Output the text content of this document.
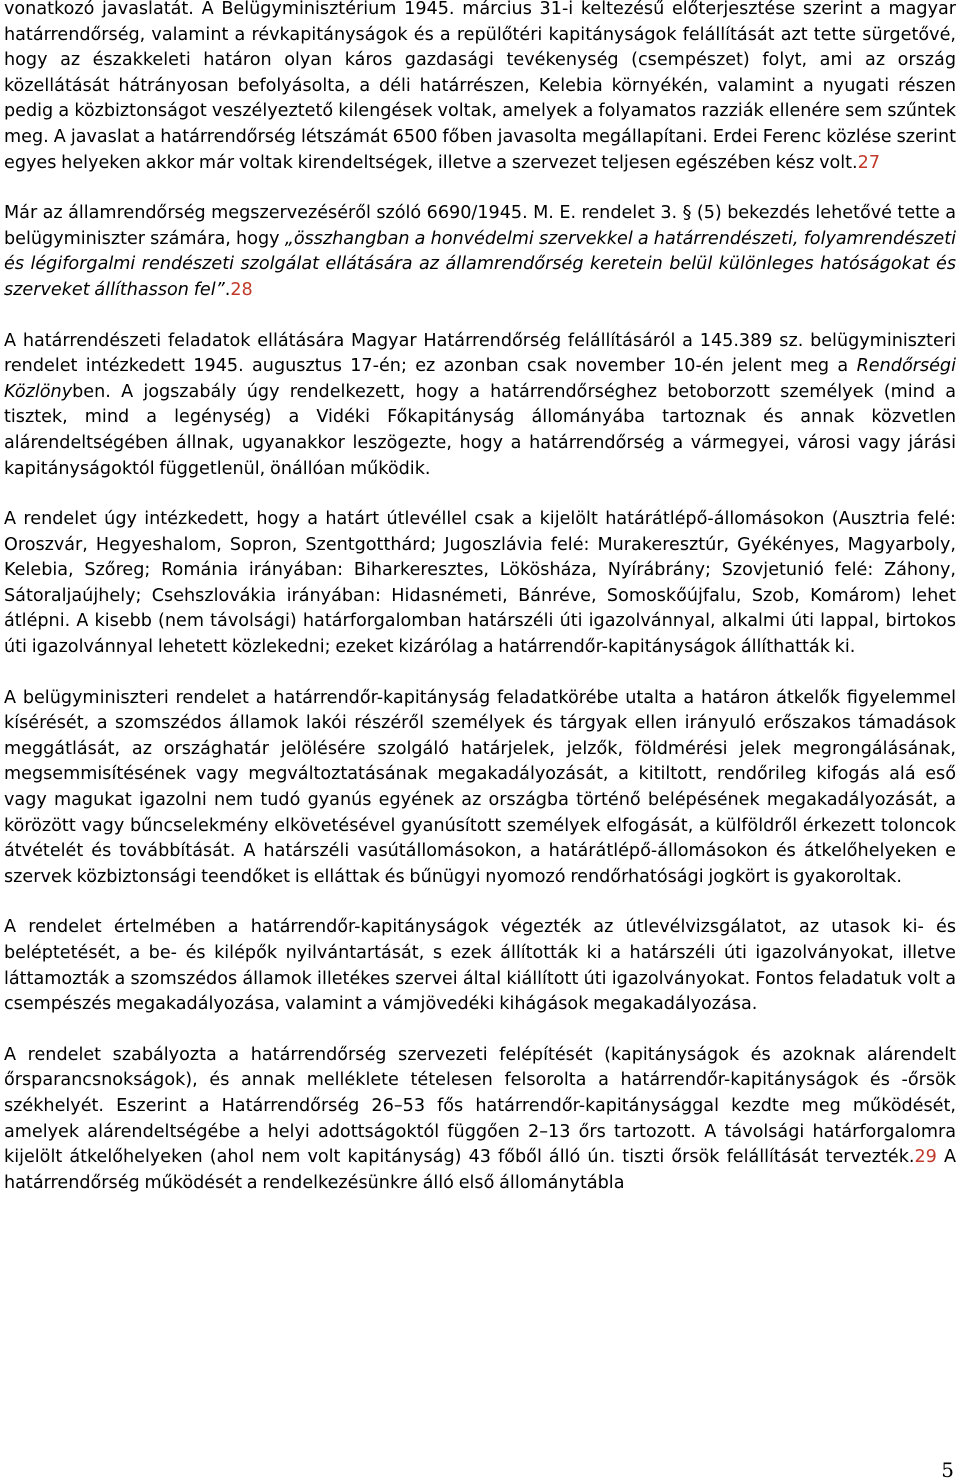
vonatkozó javaslatát. A Belügyminisztérium 1945. március 31-i keltezésű előterjesztése szerint a magyar határrendőrség, valamint a révkapitányságok és a repülőtéri kapitányságok felállítását azt tette sürgetővé, hogy az északkeleti határon olyan káros gazdasági tevékenység (csempészet) folyt, ami az ország közellátását hátrányosan befolyásolta, a déli határrészen, Kelebia környékén, valamint a nyugati részen pedig a közbiztonságot veszélyeztető kilengések voltak, amelyek a folyamatos razziák ellenére sem szűntek meg. A javaslat a határrendőrség létszámát 6500 főben javasolta megállapítani. Erdei Ferenc közlése szerint egyes helyeken akkor már voltak kirendeltségek, illetve a szervezet teljesen egészében kész volt.27

Már az államrendőrség megszervezéséről szóló 6690/1945. M. E. rendelet 3. § (5) bekezdés lehetővé tette a belügyminiszter számára, hogy „összhangban a honvédelmi szervekkel a határrendészeti, folyamrendészeti és légiforgalmi rendészeti szolgálat ellátására az államrendőrség keretein belül különleges hatóságokat és szerveket állíthasson fel”.28

A határrendészeti feladatok ellátására Magyar Határrendőrség felállításáról a 145.389 sz. belügyminiszteri rendelet intézkedett 1945. augusztus 17-én; ez azonban csak november 10-én jelent meg a Rendőrségi Közlönyben. A jogszabály úgy rendelkezett, hogy a határrendőrséghez betoborzott személyek (mind a tisztek, mind a legénység) a Vidéki Főkapitányság állományába tartoznak és annak közvetlen alárendeltségében állnak, ugyanakkor leszögezte, hogy a határrendőrség a vármegyei, városi vagy járási kapitányságoktól függetlenül, önállóan működik.

A rendelet úgy intézkedett, hogy a határt útlevéllel csak a kijelölt határátlépő-állomásokon (Ausztria felé: Oroszvár, Hegyeshalom, Sopron, Szentgotthárd; Jugoszlávia felé: Murakeresztúr, Gyékényes, Magyarboly, Kelebia, Szőreg; Románia irányában: Biharkeresztes, Lökösháza, Nyírábrány; Szovjetunió felé: Záhony, Sátoraljaújhely; Csehszlovákia irányában: Hidasnémeti, Bánréve, Somoskőújfalu, Szob, Komárom) lehet átlépni. A kisebb (nem távolsági) határforgalomban határszéli úti igazolvánnyal, alkalmi úti lappal, birtokos úti igazolvánnyal lehetett közlekedni; ezeket kizárólag a határrendőr-kapitányságok állíthatták ki.

A belügyminiszteri rendelet a határrendőr-kapitányság feladatkörébe utalta a határon átkelők figyelemmel kísérését, a szomszédos államok lakói részéről személyek és tárgyak ellen irányuló erőszakos támadások meggátlását, az országhatár jelölésére szolgáló határjelek, jelzők, földmérési jelek megrongálásának, megsemmisítésének vagy megváltoztatásának megakadályozását, a kitiltott, rendőrileg kifogás alá eső vagy magukat igazolni nem tudó gyanús egyének az országba történő belépésének megakadályozását, a körözött vagy bűncselekmény elkövetésével gyanúsított személyek elfogását, a külföldről érkezett toloncok átvételét és továbbítását. A határszéli vasútállomásokon, a határátlépő-állomásokon és átkelőhelyeken e szervek közbiztonsági teendőket is elláttak és bűnügyi nyomozó rendőrhatósági jogkört is gyakoroltak.

A rendelet értelmében a határrendőr-kapitányságok végezték az útlevélvizsgálatot, az utasok ki- és beléptetését, a be- és kilépők nyilvántartását, s ezek állították ki a határszéli úti igazolványokat, illetve láttamozták a szomszédos államok illetékes szervei által kiállított úti igazolványokat. Fontos feladatuk volt a csempészés megakadályozása, valamint a vámjövedéki kihágások megakadályozása.

A rendelet szabályozta a határrendőrség szervezeti felépítését (kapitányságok és azoknak alárendelt őrsparancsnokságok), és annak melléklete tételesen felsorolta a határrendőr-kapitányságok és -őrsök székhelyét. Eszerint a Határrendőrség 26–53 fős határrendőr-kapitánysággal kezdte meg működését, amelyek alárendeltségébe a helyi adottságoktól függően 2–13 őrs tartozott. A távolsági határforgalomra kijelölt átkelőhelyeken (ahol nem volt kapitányság) 43 főből álló ún. tiszti őrsök felállítását tervezték.29 A határrendőrség működését a rendelkezésünkre álló első állománytábla

5
